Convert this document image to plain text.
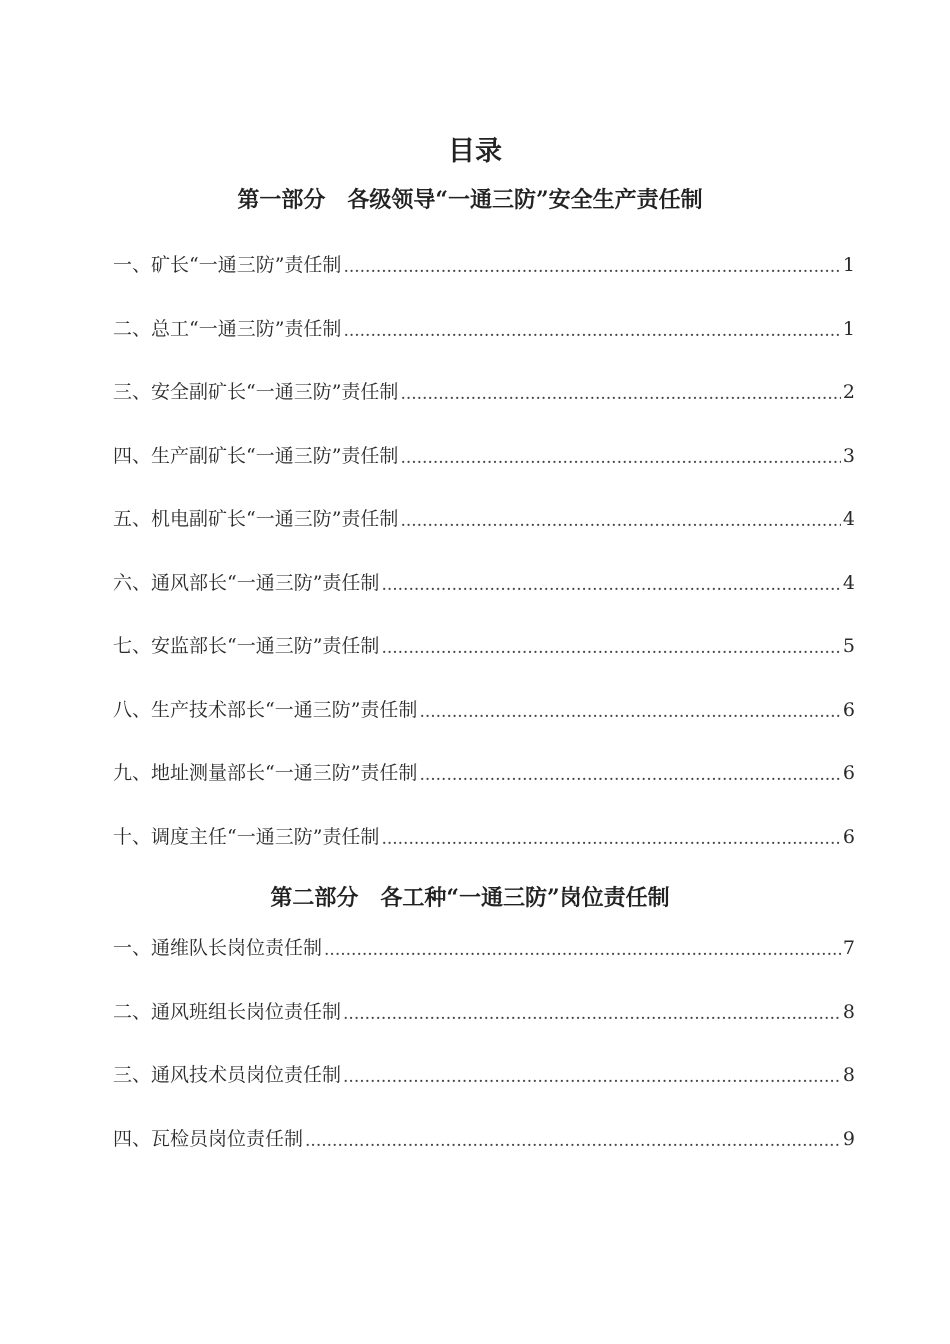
目录
第一部分　各级领导“一通三防”安全生产责任制
一、矿长“一通三防”责任制 .....	1
二、总工“一通三防”责任制 .....	1
三、安全副矿长“一通三防”责任制 .....	2
四、生产副矿长“一通三防”责任制 .....	3
五、机电副矿长“一通三防”责任制 .....	4
六、通风部长“一通三防”责任制 .....	4
七、安监部长“一通三防”责任制 .....	5
八、生产技术部长“一通三防”责任制 .....	6
九、地址测量部长“一通三防”责任制 .....	6
十、调度主任“一通三防”责任制 .....	6
第二部分　各工种“一通三防”岗位责任制
一、通维队长岗位责任制 .....	7
二、通风班组长岗位责任制 .....	8
三、通风技术员岗位责任制 .....	8
四、瓦检员岗位责任制 .....	9
